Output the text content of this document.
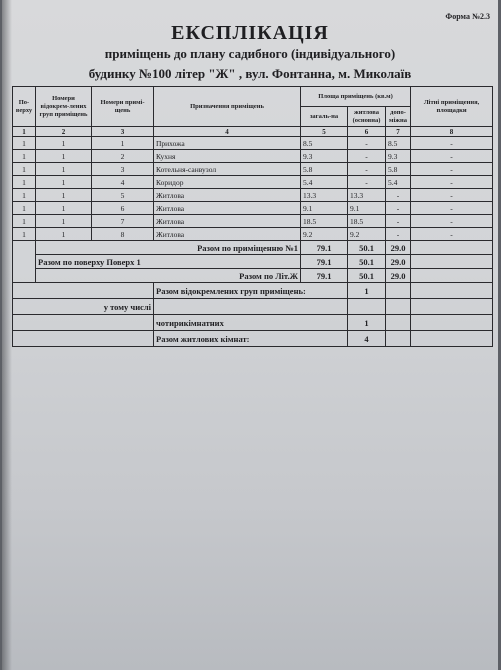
Форма №2.3
ЕКСПЛІКАЦІЯ
приміщень до плану садибного (індивідуального)
будинку №100 літер "Ж" , вул. Фонтанна, м. Миколаїв
По-верху	Номери відокрем-лених груп приміщень	Номери примі-щень	Призначення приміщень	Площа приміщень (кв.м)			Літні приміщення, площадки
				загаль-на	житлова (основна)	допо-міжна	
1	2	3	4	5	6	7	8
1	1	1	Прихожа	8.5	-	8.5	-
1	1	2	Кухня	9.3	-	9.3	-
1	1	3	Котельня-санвузол	5.8	-	5.8	-
1	1	4	Коридор	5.4	-	5.4	-
1	1	5	Житлова	13.3	13.3	-	-
1	1	6	Житлова	9.1	9.1	-	-
1	1	7	Житлова	18.5	18.5	-	-
1	1	8	Житлова	9.2	9.2	-	-
	Разом по приміщенню №1			79.1	50.1	29.0	
	Разом по поверху Поверх 1			79.1	50.1	29.0	
	Разом по Літ.Ж			79.1	50.1	29.0	
			Разом відокремлених груп приміщень:		1		
у тому числі							
			чотирикімнатних		1		
			Разом житлових кімнат:		4		
